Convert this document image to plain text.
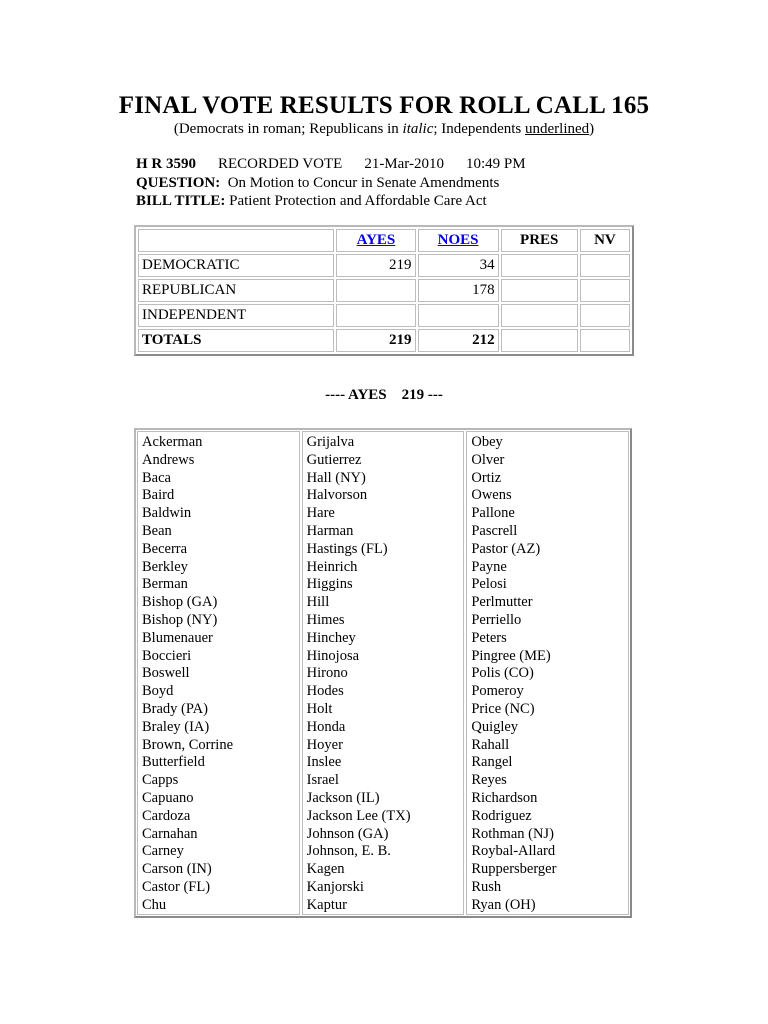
FINAL VOTE RESULTS FOR ROLL CALL 165
(Democrats in roman; Republicans in italic; Independents underlined)
H R 3590 RECORDED VOTE 21-Mar-2010 10:49 PM
QUESTION: On Motion to Concur in Senate Amendments
BILL TITLE: Patient Protection and Affordable Care Act
	AYES	NOES	PRES	NV
DEMOCRATIC	219	34		
REPUBLICAN		178		
INDEPENDENT				
TOTALS	219	212		
---- AYES    219 ---
Ackerman
Andrews
Baca
Baird
Baldwin
Bean
Becerra
Berkley
Berman
Bishop (GA)
Bishop (NY)
Blumenauer
Boccieri
Boswell
Boyd
Brady (PA)
Braley (IA)
Brown, Corrine
Butterfield
Capps
Capuano
Cardoza
Carnahan
Carney
Carson (IN)
Castor (FL)
Chu
Grijalva
Gutierrez
Hall (NY)
Halvorson
Hare
Harman
Hastings (FL)
Heinrich
Higgins
Hill
Himes
Hinchey
Hinojosa
Hirono
Hodes
Holt
Honda
Hoyer
Inslee
Israel
Jackson (IL)
Jackson Lee (TX)
Johnson (GA)
Johnson, E. B.
Kagen
Kanjorski
Kaptur
Obey
Olver
Ortiz
Owens
Pallone
Pascrell
Pastor (AZ)
Payne
Pelosi
Perlmutter
Perriello
Peters
Pingree (ME)
Polis (CO)
Pomeroy
Price (NC)
Quigley
Rahall
Rangel
Reyes
Richardson
Rodriguez
Rothman (NJ)
Roybal-Allard
Ruppersberger
Rush
Ryan (OH)
